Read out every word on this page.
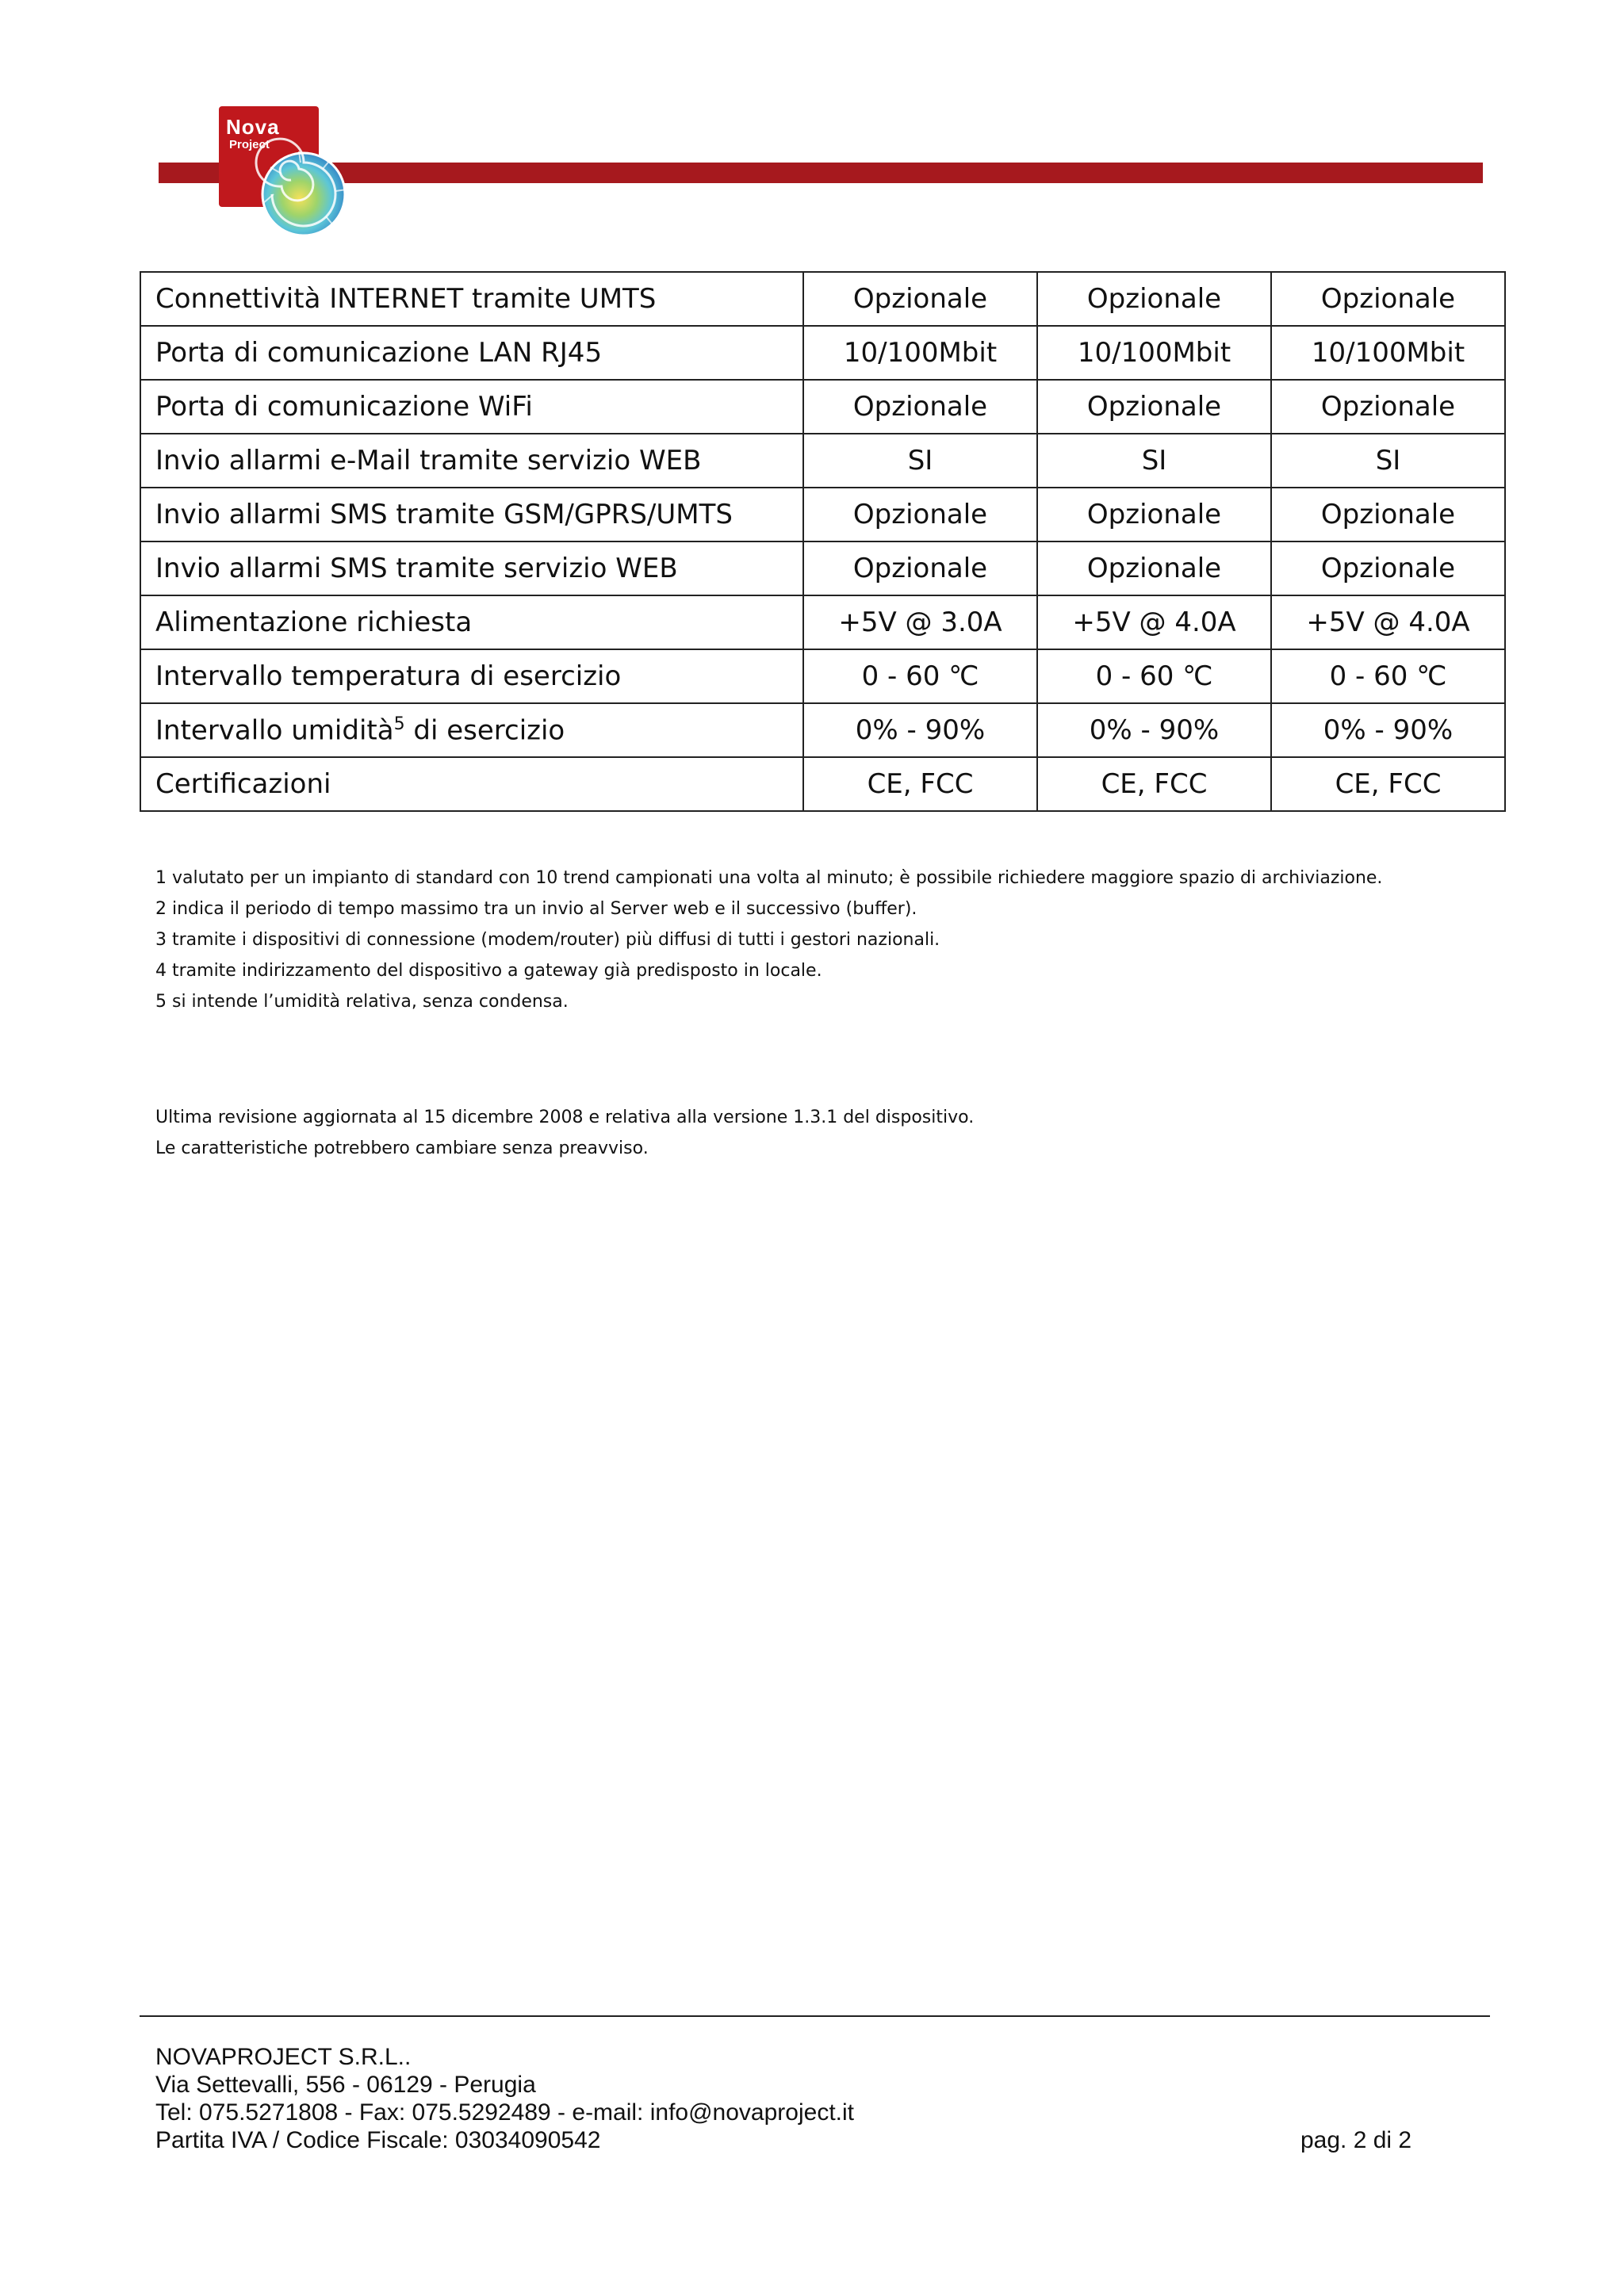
Nova
Project
Connettività INTERNET tramite UMTS	Opzionale	Opzionale	Opzionale
Porta di comunicazione LAN RJ45	10/100Mbit	10/100Mbit	10/100Mbit
Porta di comunicazione WiFi	Opzionale	Opzionale	Opzionale
Invio allarmi e-Mail tramite servizio WEB	SI	SI	SI
Invio allarmi SMS tramite GSM/GPRS/UMTS	Opzionale	Opzionale	Opzionale
Invio allarmi SMS tramite servizio WEB	Opzionale	Opzionale	Opzionale
Alimentazione richiesta	+5V @ 3.0A	+5V @ 4.0A	+5V @ 4.0A
Intervallo temperatura di esercizio	0 - 60 ℃	0 - 60 ℃	0 - 60 ℃
Intervallo umidità$^5$ di esercizio	0% - 90%	0% - 90%	0% - 90%
Certificazioni	CE, FCC	CE, FCC	CE, FCC

1 valutato per un impianto di standard con 10 trend campionati una volta al minuto; è possibile richiedere maggiore spazio di archiviazione.

2 indica il periodo di tempo massimo tra un invio al Server web e il successivo (buffer).

3 tramite i dispositivi di connessione (modem/router) più diffusi di tutti i gestori nazionali.

4 tramite indirizzamento del dispositivo a gateway già predisposto in locale.

5 si intende l’umidità relativa, senza condensa.

Ultima revisione aggiornata al 15 dicembre 2008 e relativa alla versione 1.3.1 del dispositivo.

Le caratteristiche potrebbero cambiare senza preavviso.

NOVAPROJECT S.R.L..

Via Settevalli, 556 - 06129 - Perugia

Tel: 075.5271808 - Fax: 075.5292489 - e-mail: info@novaproject.it

Partita IVA / Codice Fiscale: 03034090542	pag. 2 di 2
